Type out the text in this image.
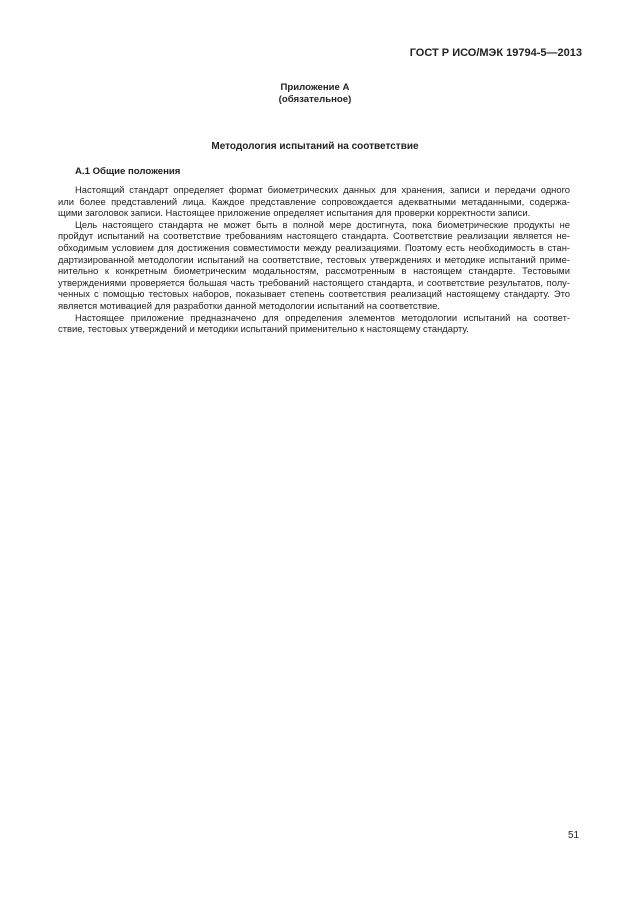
ГОСТ Р ИСО/МЭК 19794-5—2013
Приложение А
(обязательное)
Методология испытаний на соответствие
А.1 Общие положения
Настоящий стандарт определяет формат биометрических данных для хранения, записи и передачи одного
или более представлений лица. Каждое представление сопровождается адекватными метаданными, содержа-
щими заголовок записи. Настоящее приложение определяет испытания для проверки корректности записи.
Цель настоящего стандарта не может быть в полной мере достигнута, пока биометрические продукты не
пройдут испытаний на соответствие требованиям настоящего стандарта. Соответствие реализации является не-
обходимым условием для достижения совместимости между реализациями. Поэтому есть необходимость в стан-
дартизированной методологии испытаний на соответствие, тестовых утверждениях и методике испытаний приме-
нительно к конкретным биометрическим модальностям, рассмотренным в настоящем стандарте. Тестовыми
утверждениями проверяется большая часть требований настоящего стандарта, и соответствие результатов, полу-
ченных с помощью тестовых наборов, показывает степень соответствия реализаций настоящему стандарту. Это
является мотивацией для разработки данной методологии испытаний на соответствие.
Настоящее приложение предназначено для определения элементов методологии испытаний на соответ-
ствие, тестовых утверждений и методики испытаний применительно к настоящему стандарту.
51
